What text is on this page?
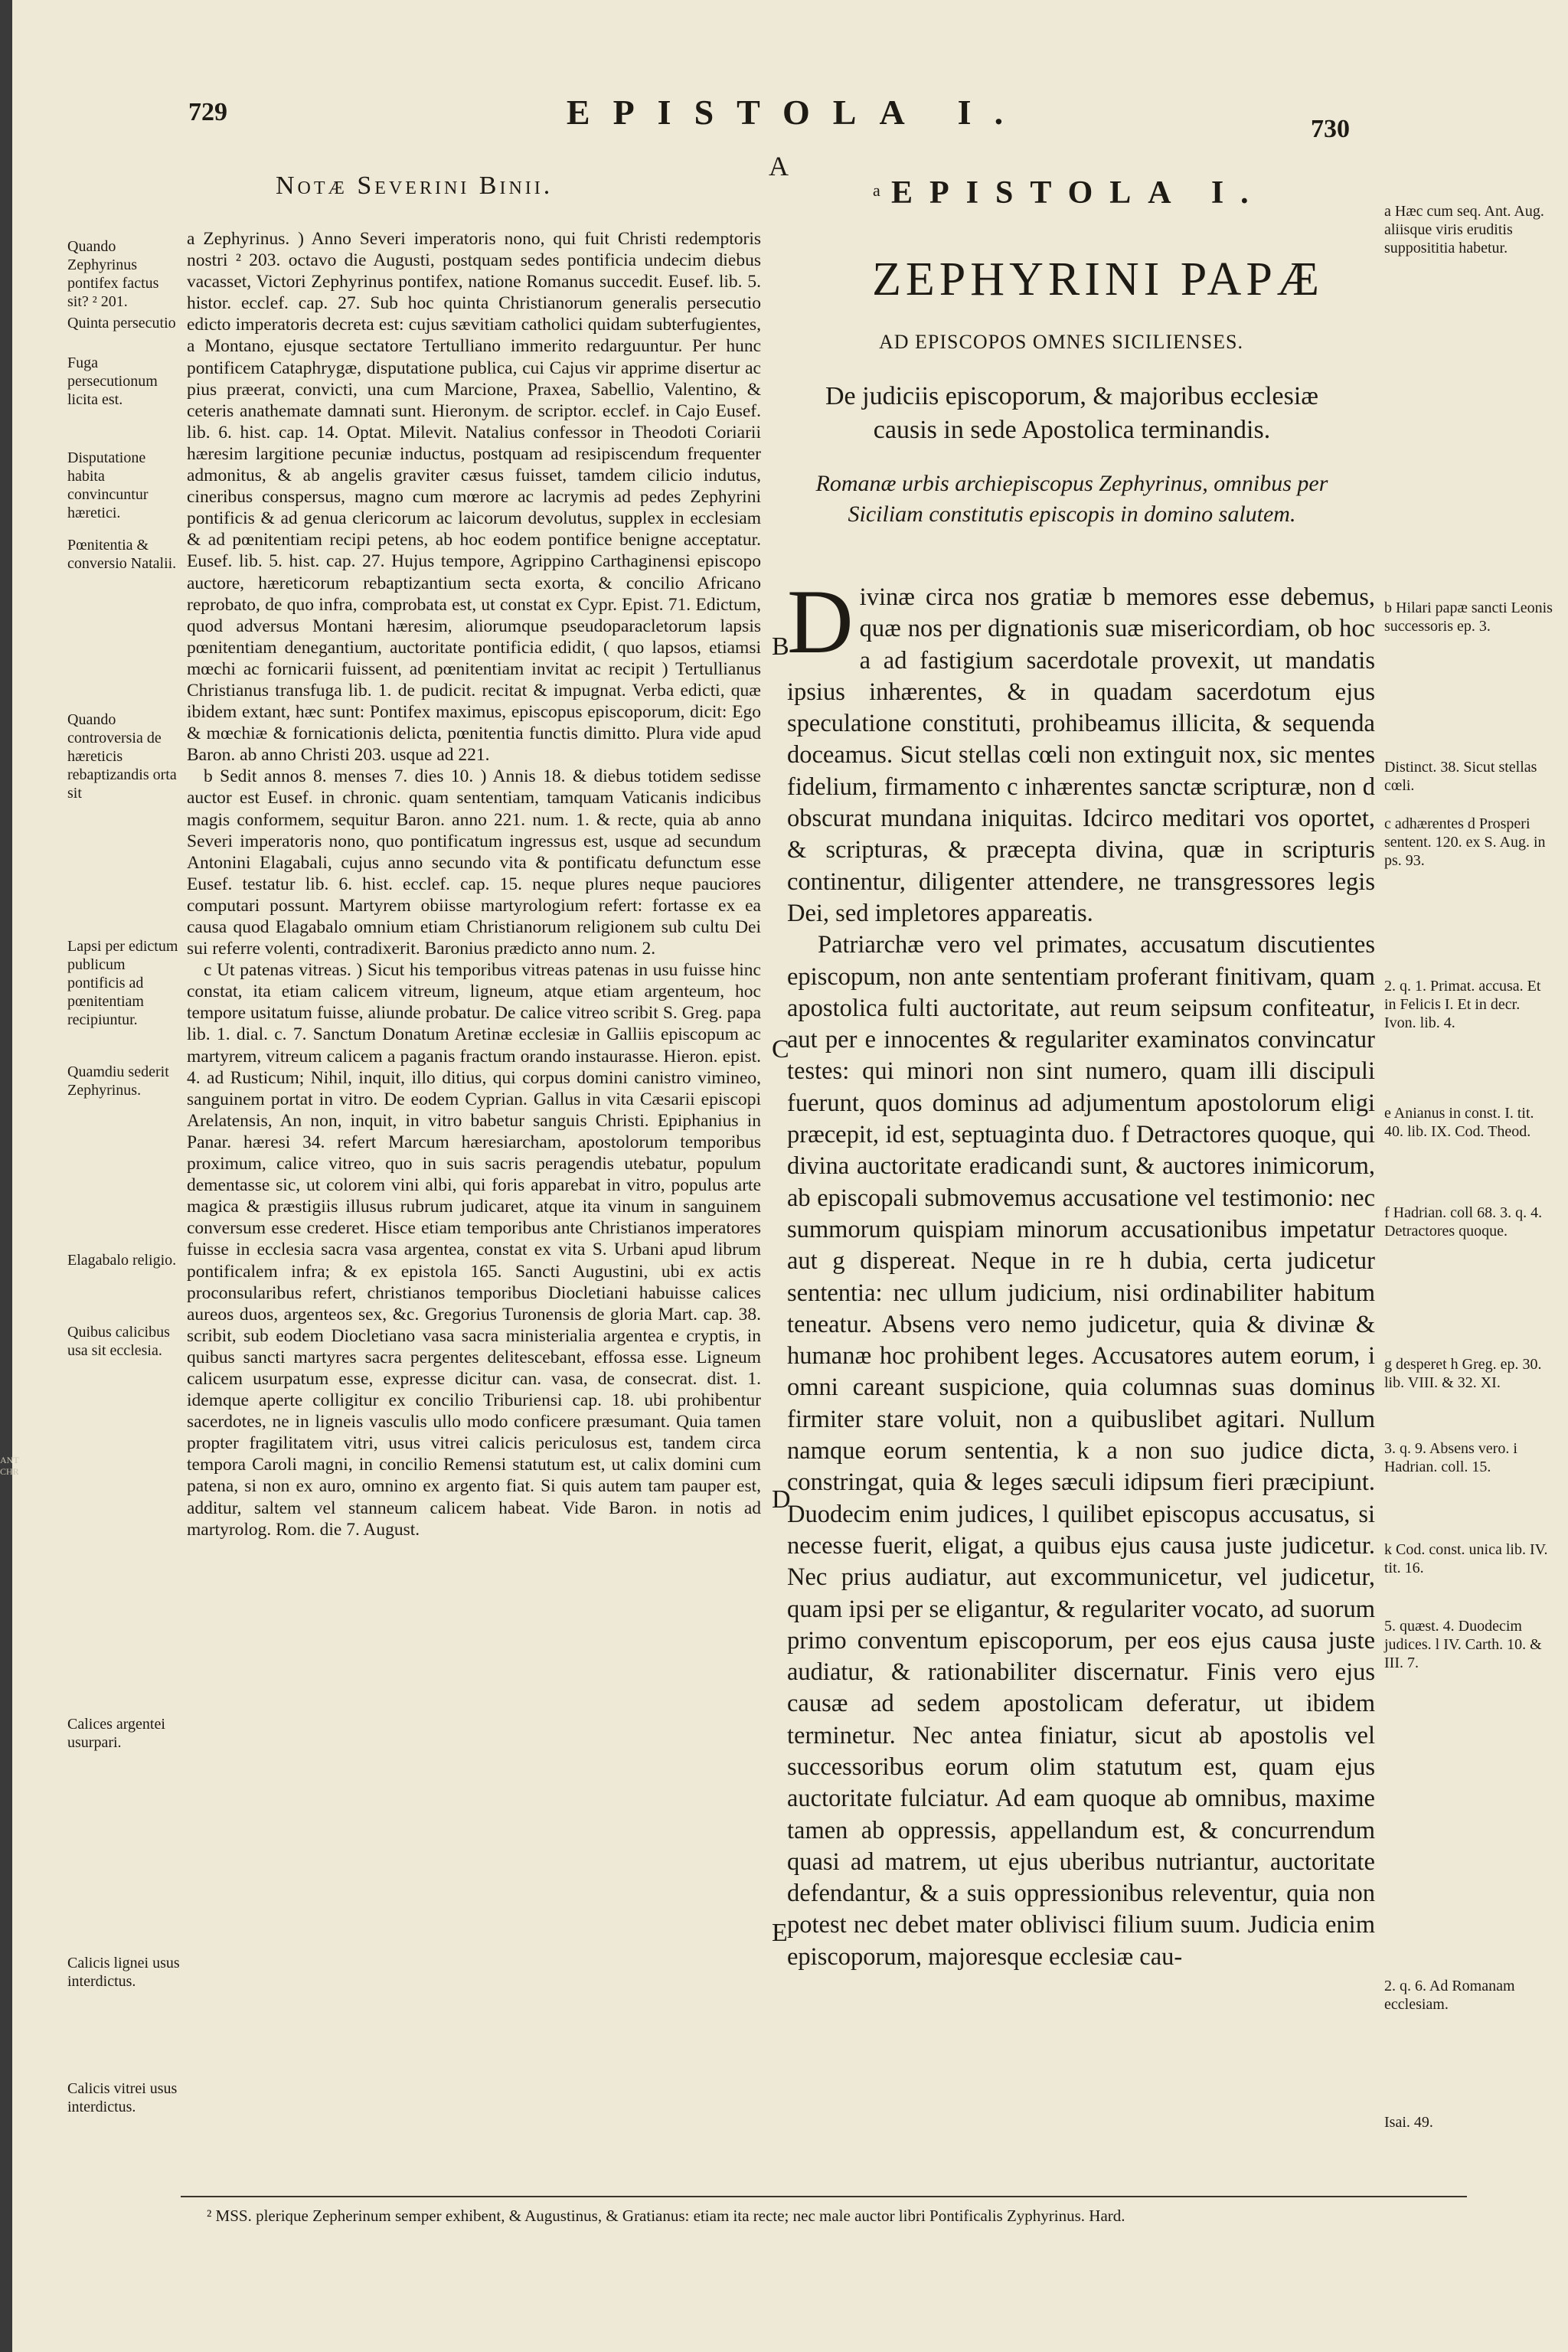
ANT CHR
729	EPISTOLA I.	730
A
Notæ Severini Binii.
Quando Zephyrinus pontifex factus sit? ² 201.
Quinta persecutio
Fuga persecutionum licita est.
Disputatione habita convincuntur hæretici.
Pœnitentia & conversio Natalii.
Quando controversia de hæreticis rebaptizandis orta sit
Lapsi per edictum publicum pontificis ad pœnitentiam recipiuntur.
Quamdiu sederit Zephyrinus.
Elagabalo religio.
Quibus calicibus usa sit ecclesia.
Calices argentei usurpari.
Calicis lignei usus interdictus.
Calicis vitrei usus interdictus.

a Zephyrinus. ) Anno Severi imperatoris nono, qui fuit Christi redemptoris nostri ² 203. octavo die Augusti, postquam sedes pontificia undecim diebus vacasset, Victori Zephyrinus pontifex, natione Romanus succedit. Eusef. lib. 5. histor. ecclef. cap. 27. Sub hoc quinta Christianorum generalis persecutio edicto imperatoris decreta est: cujus sævitiam catholici quidam subterfugientes, a Montano, ejusque sectatore Tertulliano immerito redarguuntur. Per hunc pontificem Cataphrygæ, disputatione publica, cui Cajus vir apprime disertur ac pius præerat, convicti, una cum Marcione, Praxea, Sabellio, Valentino, & ceteris anathemate damnati sunt. Hieronym. de scriptor. ecclef. in Cajo Eusef. lib. 6. hist. cap. 14. Optat. Milevit. Natalius confessor in Theodoti Coriarii hæresim largitione pecuniæ inductus, postquam ad resipiscendum frequenter admonitus, & ab angelis graviter cæsus fuisset, tamdem cilicio indutus, cineribus conspersus, magno cum mœrore ac lacrymis ad pedes Zephyrini pontificis & ad genua clericorum ac laicorum devolutus, supplex in ecclesiam & ad pœnitentiam recipi petens, ab hoc eodem pontifice benigne acceptatur. Eusef. lib. 5. hist. cap. 27. Hujus tempore, Agrippino Carthaginensi episcopo auctore, hæreticorum rebaptizantium secta exorta, & concilio Africano reprobato, de quo infra, comprobata est, ut constat ex Cypr. Epist. 71. Edictum, quod adversus Montani hæresim, aliorumque pseudoparacletorum lapsis pœnitentiam denegantium, auctoritate pontificia edidit, ( quo lapsos, etiamsi mœchi ac fornicarii fuissent, ad pœnitentiam invitat ac recipit ) Tertullianus Christianus transfuga lib. 1. de pudicit. recitat & impugnat. Verba edicti, quæ ibidem extant, hæc sunt: Pontifex maximus, episcopus episcoporum, dicit: Ego & mœchiæ & fornicationis delicta, pœnitentia functis dimitto. Plura vide apud Baron. ab anno Christi 203. usque ad 221.

b Sedit annos 8. menses 7. dies 10. ) Annis 18. & diebus totidem sedisse auctor est Eusef. in chronic. quam sententiam, tamquam Vaticanis indicibus magis conformem, sequitur Baron. anno 221. num. 1. & recte, quia ab anno Severi imperatoris nono, quo pontificatum ingressus est, usque ad secundum Antonini Elagabali, cujus anno secundo vita & pontificatu defunctum esse Eusef. testatur lib. 6. hist. ecclef. cap. 15. neque plures neque pauciores computari possunt. Martyrem obiisse martyrologium refert: fortasse ex ea causa quod Elagabalo omnium etiam Christianorum religionem sub cultu Dei sui referre volenti, contradixerit. Baronius prædicto anno num. 2.

c Ut patenas vitreas. ) Sicut his temporibus vitreas patenas in usu fuisse hinc constat, ita etiam calicem vitreum, ligneum, atque etiam argenteum, hoc tempore usitatum fuisse, aliunde probatur. De calice vitreo scribit S. Greg. papa lib. 1. dial. c. 7. Sanctum Donatum Aretinæ ecclesiæ in Galliis episcopum ac martyrem, vitreum calicem a paganis fractum orando instaurasse. Hieron. epist. 4. ad Rusticum; Nihil, inquit, illo ditius, qui corpus domini canistro vimineo, sanguinem portat in vitro. De eodem Cyprian. Gallus in vita Cæsarii episcopi Arelatensis, An non, inquit, in vitro babetur sanguis Christi. Epiphanius in Panar. hæresi 34. refert Marcum hæresiarcham, apostolorum temporibus proximum, calice vitreo, quo in suis sacris peragendis utebatur, populum dementasse sic, ut colorem vini albi, qui foris apparebat in vitro, populus arte magica & præstigiis illusus rubrum judicaret, atque ita vinum in sanguinem conversum esse crederet. Hisce etiam temporibus ante Christianos imperatores fuisse in ecclesia sacra vasa argentea, constat ex vita S. Urbani apud librum pontificalem infra; & ex epistola 165. Sancti Augustini, ubi ex actis proconsularibus refert, christianos temporibus Diocletiani habuisse calices aureos duos, argenteos sex, &c. Gregorius Turonensis de gloria Mart. cap. 38. scribit, sub eodem Diocletiano vasa sacra ministerialia argentea e cryptis, in quibus sancti martyres sacra pergentes delitescebant, effossa esse. Ligneum calicem usurpatum esse, expresse dicitur can. vasa, de consecrat. dist. 1. idemque aperte colligitur ex concilio Triburiensi cap. 18. ubi prohibentur sacerdotes, ne in ligneis vasculis ullo modo conficere præsumant. Quia tamen propter fragilitatem vitri, usus vitrei calicis periculosus est, tandem circa tempora Caroli magni, in concilio Remensi statutum est, ut calix domini cum patena, si non ex auro, omnino ex argento fiat. Si quis autem tam pauper est, additur, saltem vel stanneum calicem habeat. Vide Baron. in notis ad martyrolog. Rom. die 7. August.

a EPISTOLA I.
ZEPHYRINI PAPÆ
AD EPISCOPOS OMNES SICILIENSES.
De judiciis episcoporum, & majoribus ecclesiæ causis in sede Apostolica terminandis.
Romanæ urbis archiepiscopus Zephyrinus, omnibus per Siciliam constitutis episcopis in domino salutem.

Divinæ circa nos gratiæ b memores esse debemus, quæ nos per dignationis suæ misericordiam, ob hoc a ad fastigium sacerdotale provexit, ut mandatis ipsius inhærentes, & in quadam sacerdotum ejus speculatione constituti, prohibeamus illicita, & sequenda doceamus. Sicut stellas cœli non extinguit nox, sic mentes fidelium, firmamento c inhærentes sanctæ scripturæ, non d obscurat mundana iniquitas. Idcirco meditari vos oportet, & scripturas, & præcepta divina, quæ in scripturis continentur, diligenter attendere, ne transgressores legis Dei, sed impletores appareatis.

Patriarchæ vero vel primates, accusatum discutientes episcopum, non ante sententiam proferant finitivam, quam apostolica fulti auctoritate, aut reum seipsum confiteatur, aut per e innocentes & regulariter examinatos convincatur testes: qui minori non sint numero, quam illi discipuli fuerunt, quos dominus ad adjumentum apostolorum eligi præcepit, id est, septuaginta duo. f Detractores quoque, qui divina auctoritate eradicandi sunt, & auctores inimicorum, ab episcopali submovemus accusatione vel testimonio: nec summorum quispiam minorum accusationibus impetatur aut g dispereat. Neque in re h dubia, certa judicetur sententia: nec ullum judicium, nisi ordinabiliter habitum teneatur. Absens vero nemo judicetur, quia & divinæ & humanæ hoc prohibent leges. Accusatores autem eorum, i omni careant suspicione, quia columnas suas dominus firmiter stare voluit, non a quibuslibet agitari. Nullum namque eorum sententia, k a non suo judice dicta, constringat, quia & leges sæculi idipsum fieri præcipiunt. Duodecim enim judices, l quilibet episcopus accusatus, si necesse fuerit, eligat, a quibus ejus causa juste judicetur. Nec prius audiatur, aut excommunicetur, vel judicetur, quam ipsi per se eligantur, & regulariter vocato, ad suorum primo conventum episcoporum, per eos ejus causa juste audiatur, & rationabiliter discernatur. Finis vero ejus causæ ad sedem apostolicam deferatur, ut ibidem terminetur. Nec antea finiatur, sicut ab apostolis vel successoribus eorum olim statutum est, quam ejus auctoritate fulciatur. Ad eam quoque ab omnibus, maxime tamen ab oppressis, appellandum est, & concurrendum quasi ad matrem, ut ejus uberibus nutriantur, auctoritate defendantur, & a suis oppressionibus releventur, quia non potest nec debet mater oblivisci filium suum. Judicia enim episcoporum, majoresque ecclesiæ cau-

B
C
D
E
a Hæc cum seq. Ant. Aug. aliisque viris eruditis supposititia habetur.
b Hilari papæ sancti Leonis successoris ep. 3.
Distinct. 38. Sicut stellas cœli.
c adhærentes d Prosperi sentent. 120. ex S. Aug. in ps. 93.
2. q. 1. Primat. accusa. Et in Felicis I. Et in decr. Ivon. lib. 4.
e Anianus in const. I. tit. 40. lib. IX. Cod. Theod.
f Hadrian. coll 68. 3. q. 4. Detractores quoque.
g desperet h Greg. ep. 30. lib. VIII. & 32. XI.
3. q. 9. Absens vero. i Hadrian. coll. 15.
k Cod. const. unica lib. IV. tit. 16.
5. quæst. 4. Duodecim judices. l IV. Carth. 10. & III. 7.
2. q. 6. Ad Romanam ecclesiam.
Isai. 49.
² MSS. plerique Zepherinum semper exhibent, & Augustinus, & Gratianus: etiam ita recte; nec male auctor libri Pontificalis Zyphyrinus. Hard.
